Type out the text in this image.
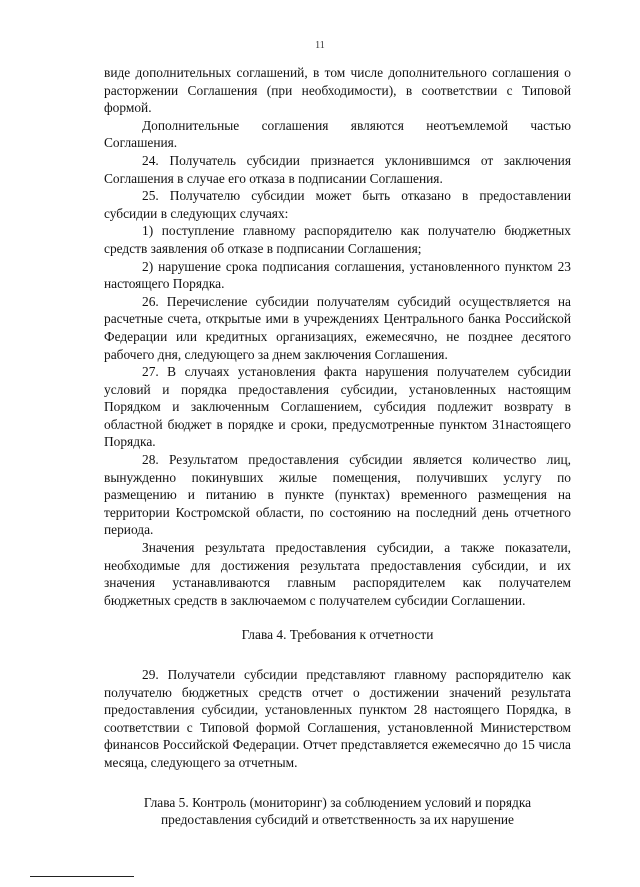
11

виде дополнительных соглашений, в том числе дополнительного соглашения о расторжении Соглашения (при необходимости), в соответствии с Типовой формой.

Дополнительные соглашения являются неотъемлемой частью Соглашения.

24. Получатель субсидии признается уклонившимся от заключения Соглашения в случае его отказа в подписании Соглашения.

25. Получателю субсидии может быть отказано в предоставлении субсидии в следующих случаях:

1) поступление главному распорядителю как получателю бюджетных средств заявления об отказе в подписании Соглашения;

2) нарушение срока подписания соглашения, установленного пунктом 23 настоящего Порядка.

26. Перечисление субсидии получателям субсидий осуществляется на расчетные счета, открытые ими в учреждениях Центрального банка Российской Федерации или кредитных организациях, ежемесячно, не позднее десятого рабочего дня, следующего за днем заключения Соглашения.

27. В случаях установления факта нарушения получателем субсидии условий и порядка предоставления субсидии, установленных настоящим Порядком и заключенным Соглашением, субсидия подлежит возврату в областной бюджет в порядке и сроки, предусмотренные пунктом 31настоящего Порядка.

28. Результатом предоставления субсидии является количество лиц, вынужденно покинувших жилые помещения, получивших услугу по размещению и питанию в пункте (пунктах) временного размещения на территории Костромской области, по состоянию на последний день отчетного периода.

Значения результата предоставления субсидии, а также показатели, необходимые для достижения результата предоставления субсидии, и их значения устанавливаются главным распорядителем как получателем бюджетных средств в заключаемом с получателем субсидии Соглашении.

Глава 4. Требования к отчетности

29. Получатели субсидии представляют главному распорядителю как получателю бюджетных средств отчет о достижении значений результата предоставления субсидии, установленных пунктом 28 настоящего Порядка, в соответствии с Типовой формой Соглашения, установленной Министерством финансов Российской Федерации. Отчет представляется ежемесячно до 15 числа месяца, следующего за отчетным.

Глава 5. Контроль (мониторинг) за соблюдением условий и порядка
предоставления субсидий и ответственность за их нарушение
